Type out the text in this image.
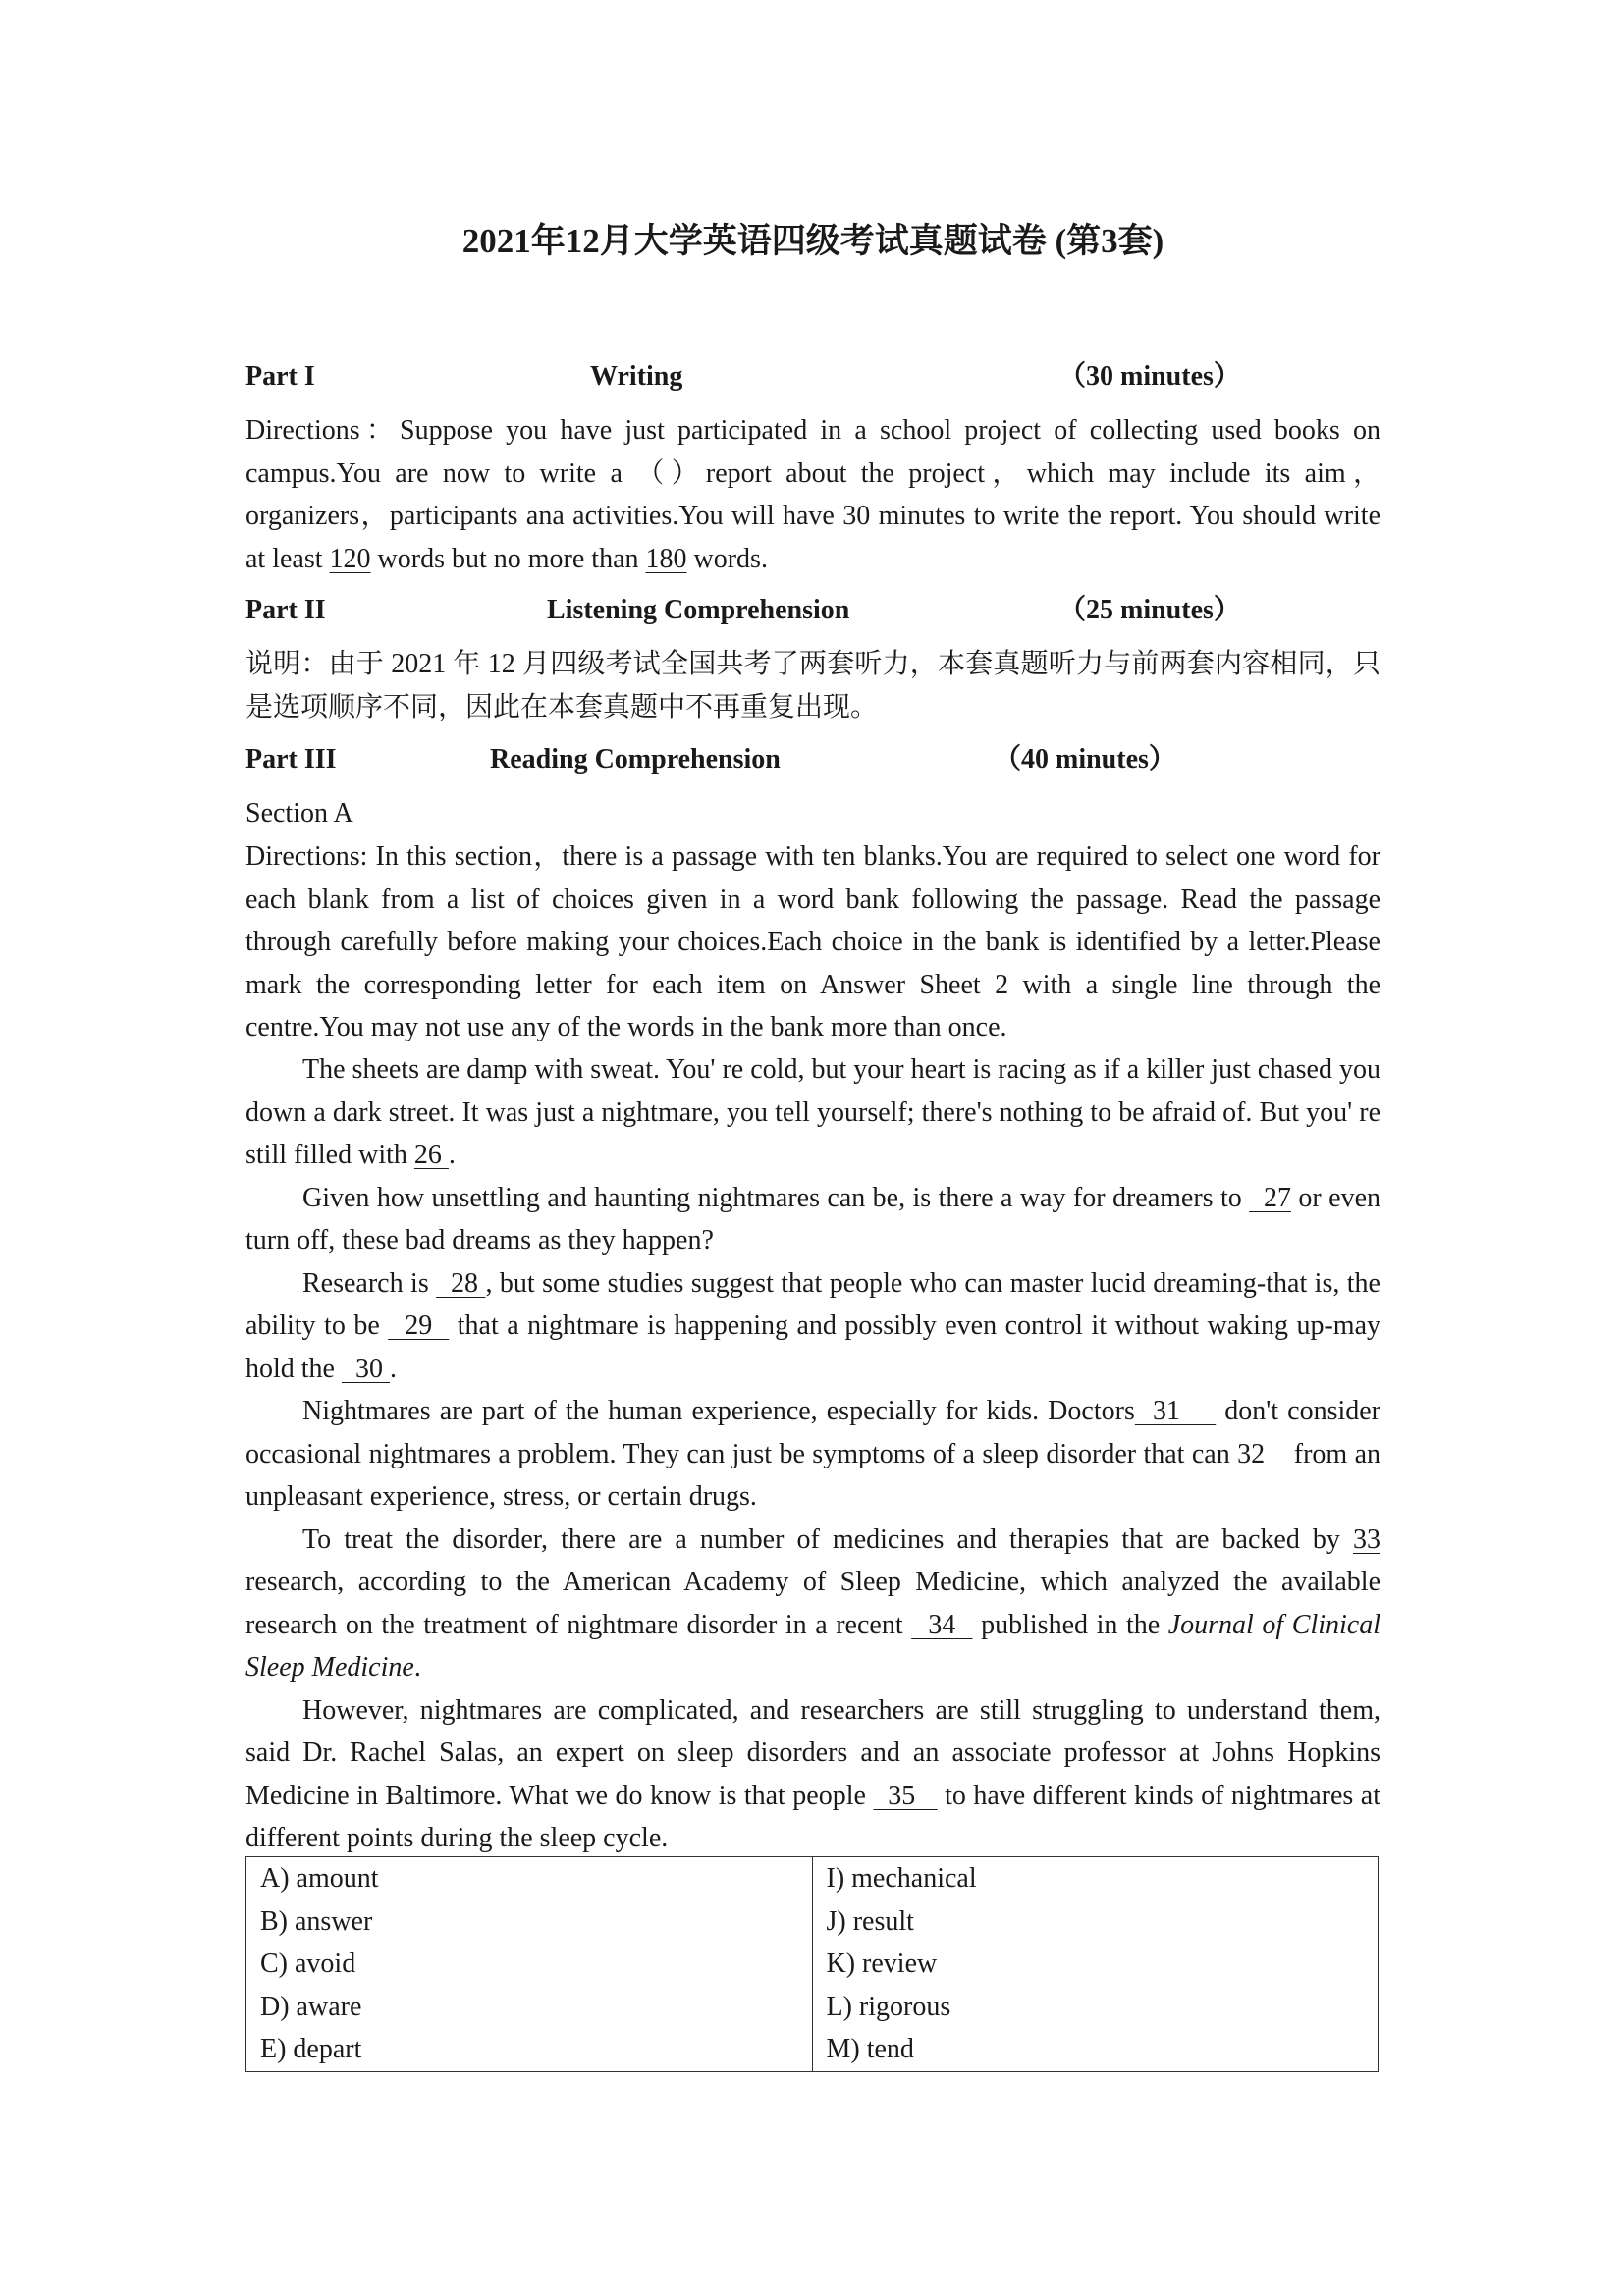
2021年12月大学英语四级考试真题试卷 (第3套)
Part I	Writing	（30 minutes）

Directions：Suppose you have just participated in a school project of collecting used books on campus.You are now to write a （）report about the project，which may include its aim，organizers，participants ana activities.You will have 30 minutes to write the report. You should write at least 120 words but no more than 180 words.

Part II	Listening Comprehension	（25 minutes）

说明：由于 2021 年 12 月四级考试全国共考了两套听力，本套真题听力与前两套内容相同，只是选项顺序不同，因此在本套真题中不再重复出现。

Part III	Reading Comprehension	（40 minutes）

Section A

Directions: In this section，there is a passage with ten blanks.You are required to select one word for each blank from a list of choices given in a word bank following the passage. Read the passage through carefully before making your choices.Each choice in the bank is identified by a letter.Please mark the corresponding letter for each item on Answer Sheet 2 with a single line through the centre.You may not use any of the words in the bank more than once.

The sheets are damp with sweat. You' re cold, but your heart is racing as if a killer just chased you down a dark street. It was just a nightmare, you tell yourself; there's nothing to be afraid of. But you' re still filled with 26 .

Given how unsettling and haunting nightmares can be, is there a way for dreamers to   27 or even turn off, these bad dreams as they happen?

Research is   28 , but some studies suggest that people who can master lucid dreaming-that is, the ability to be   29   that a nightmare is happening and possibly even control it without waking up-may hold the   30 .

Nightmares are part of the human experience, especially for kids. Doctors  31     don't consider occasional nightmares a problem. They can just be symptoms of a sleep disorder that can 32    from an unpleasant experience, stress, or certain drugs.

To treat the disorder, there are a number of medicines and therapies that are backed by 33 research, according to the American Academy of Sleep Medicine, which analyzed the available research on the treatment of nightmare disorder in a recent   34   published in the Journal of Clinical Sleep Medicine.

However, nightmares are complicated, and researchers are still struggling to understand them, said Dr. Rachel Salas, an expert on sleep disorders and an associate professor at Johns Hopkins Medicine in Baltimore. What we do know is that people   35    to have different kinds of nightmares at different points during the sleep cycle.

A) amount	I) mechanical
B) answer	J) result
C) avoid	K) review
D) aware	L) rigorous
E) depart	M) tend
